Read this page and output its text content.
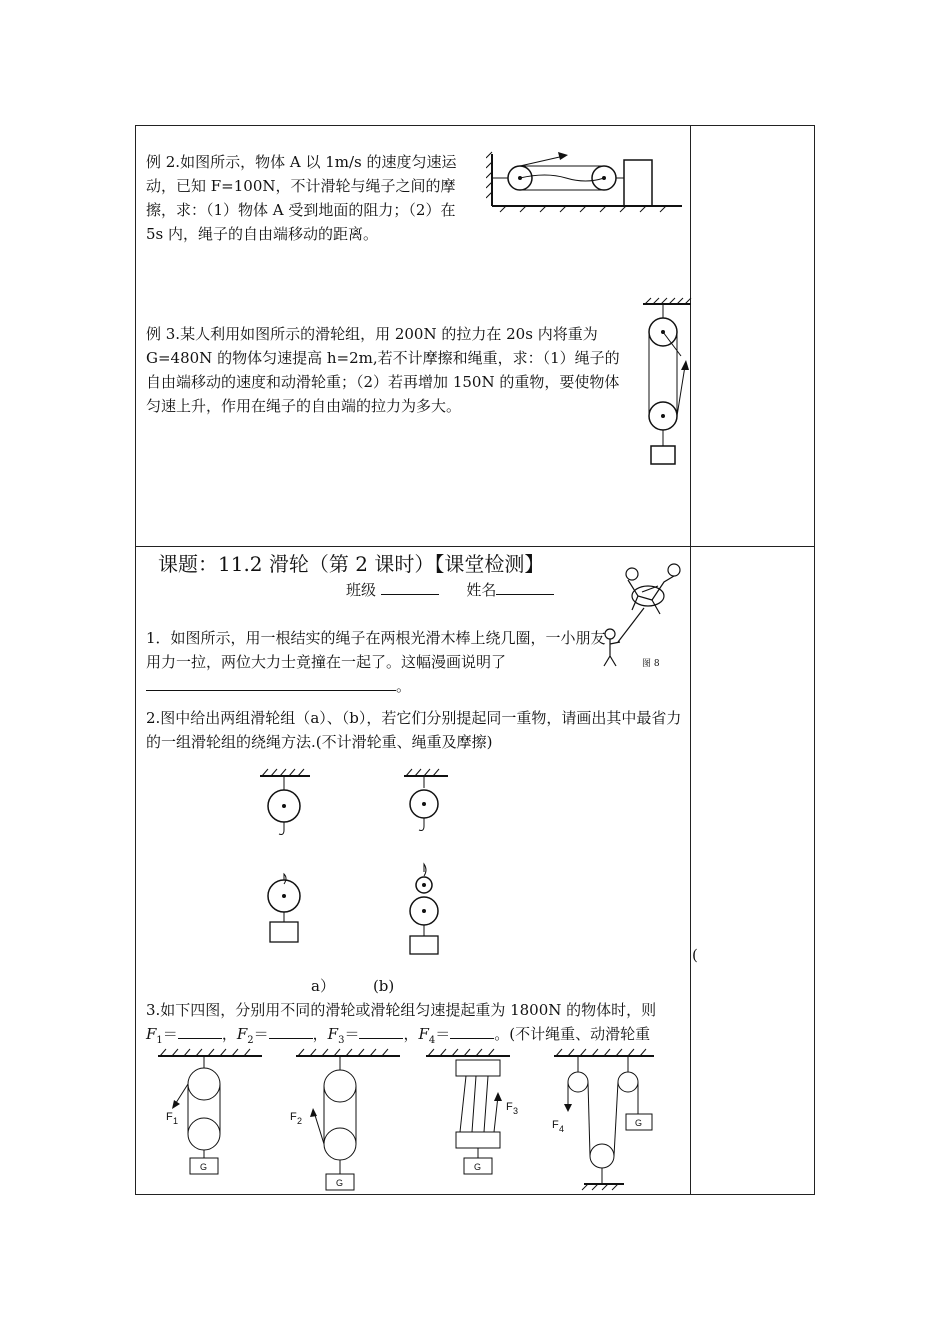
例 2.如图所示，物体 A 以 1m/s 的速度匀速运动，已知 F=100N，不计滑轮与绳子之间的摩擦，求：（1）物体 A 受到地面的阻力；（2）在 5s 内，绳子的自由端移动的距离。
例 3.某人利用如图所示的滑轮组，用 200N 的拉力在 20s 内将重为 G=480N 的物体匀速提高 h=2m,若不计摩擦和绳重，求：（1）绳子的自由端移动的速度和动滑轮重；（2）若再增加 150N 的重物，要使物体匀速上升，作用在绳子的自由端的拉力为多大。
课题：11.2 滑轮（第 2 课时）【课堂检测】
班级	姓名
图 8
1．如图所示，用一根结实的绳子在两根光滑木棒上绕几圈，一小朋友用力一拉，两位大力士竟撞在一起了。这幅漫画说明了。
2.图中给出两组滑轮组（a）、（b），若它们分别提起同一重物，请画出其中最省力的一组滑轮组的绕绳方法.(不计滑轮重、绳重及摩擦)
a）	(b)
3.如下四图，分别用不同的滑轮或滑轮组匀速提起重为 1800N 的物体时，则
$F_1=$	，$F_2=$	，$F_3=$	，$F_4=$	。(不计绳重、动滑轮重
F 1
G
F 2
G
F 3
G
F 4
G
(
